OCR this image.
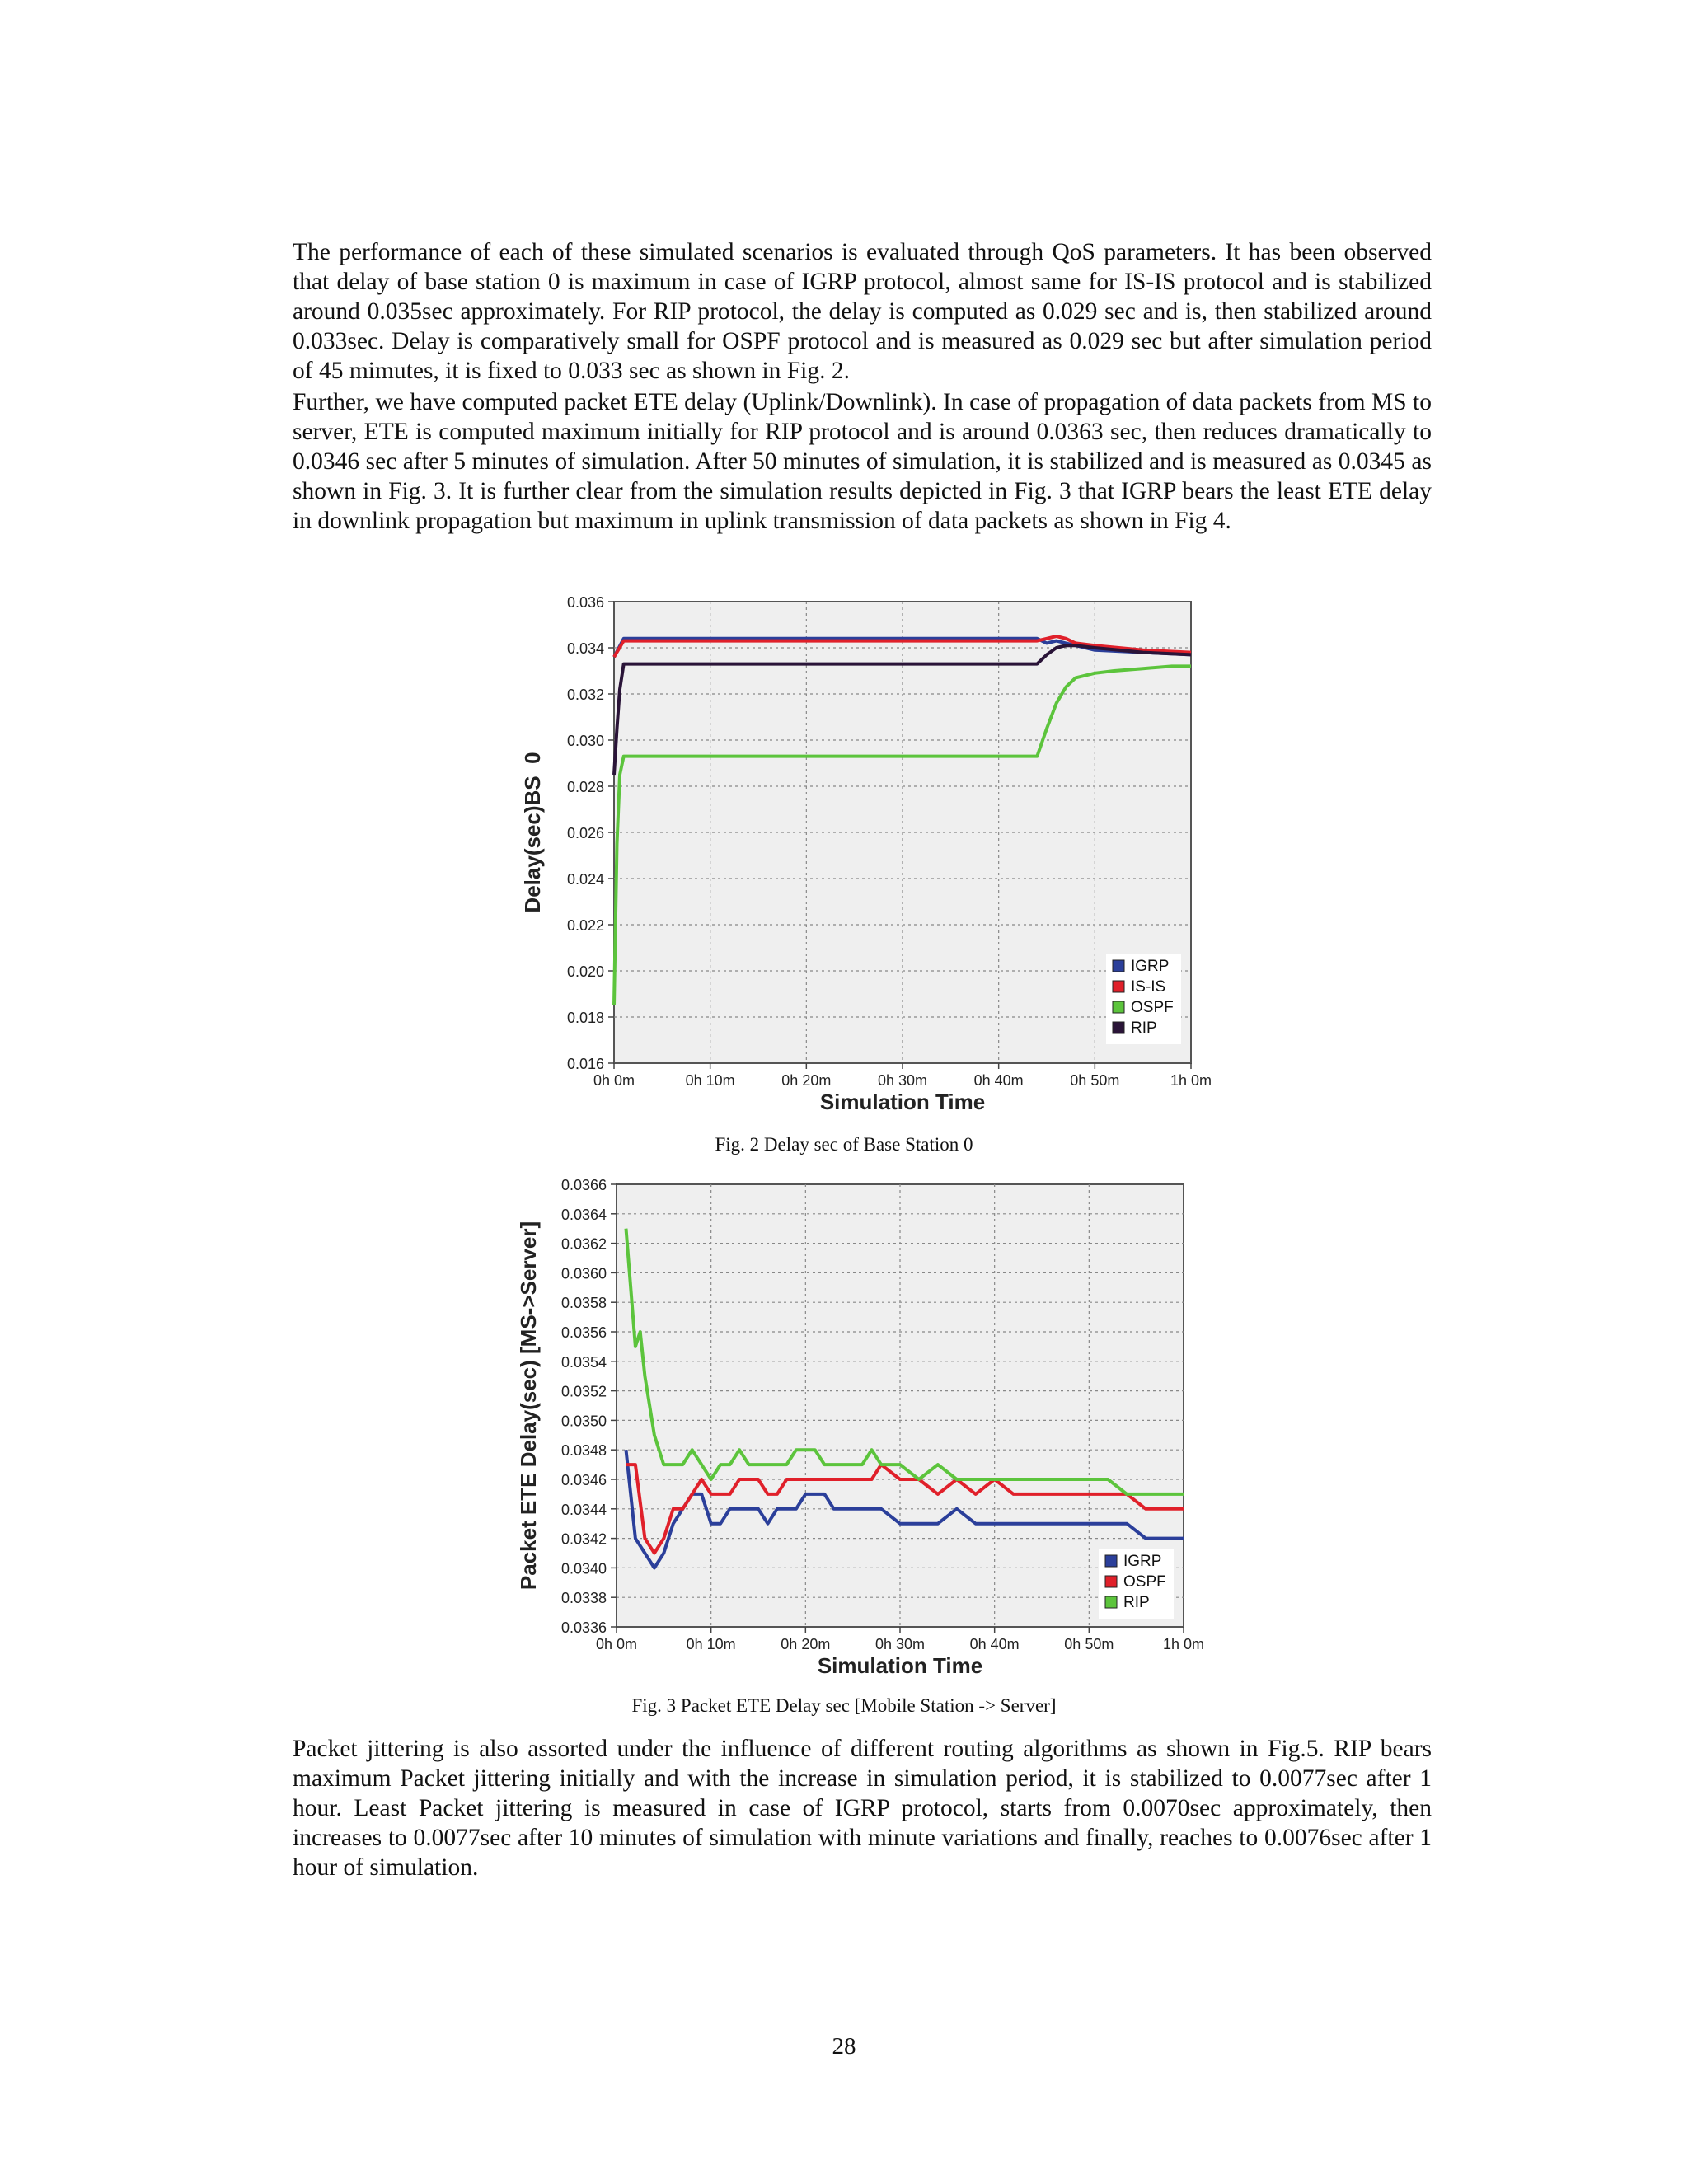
The performance of each of these simulated scenarios is evaluated through QoS parameters. It has been observed that delay of base station 0 is maximum in case of IGRP protocol, almost same for IS-IS protocol and is stabilized around 0.035sec approximately. For RIP protocol, the delay is computed as 0.029 sec and is, then stabilized around 0.033sec. Delay is comparatively small for OSPF protocol and is measured as 0.029 sec but after simulation period of 45 mimutes, it is fixed to 0.033 sec as shown in Fig. 2.

Further, we have computed packet ETE delay (Uplink/Downlink). In case of propagation of data packets from MS to server, ETE is computed maximum initially for RIP protocol and is around 0.0363 sec, then reduces dramatically to 0.0346 sec after 5 minutes of simulation. After 50 minutes of simulation, it is stabilized and is measured as 0.0345 as shown in Fig. 3. It is further clear from the simulation results depicted in Fig. 3 that IGRP bears the least ETE delay in downlink propagation but maximum in uplink transmission of data packets as shown in Fig 4.

0h 0m	0h 10m	0h 20m	0h 30m	0h 40m	0h 50m	1h 0m
0.016
0.018
0.020
0.022
0.024
0.026
0.028
0.030
0.032
0.034
0.036
IGRP
IS-IS
OSPF
RIP
Simulation Time
Delay(sec)BS_0
Fig. 2 Delay sec of Base Station 0
0h 0m	0h 10m	0h 20m	0h 30m	0h 40m	0h 50m	1h 0m
0.0336
0.0338
0.0340
0.0342
0.0344
0.0346
0.0348
0.0350
0.0352
0.0354
0.0356
0.0358
0.0360
0.0362
0.0364
0.0366
IGRP
OSPF
RIP
Simulation Time
Packet ETE Delay(sec) [MS->Server]
Fig. 3 Packet ETE Delay sec [Mobile Station -> Server]

Packet jittering is also assorted under the influence of different routing algorithms as shown in Fig.5. RIP bears maximum Packet jittering initially and with the increase in simulation period, it is stabilized to 0.0077sec after 1 hour. Least Packet jittering is measured in case of IGRP protocol, starts from 0.0070sec approximately, then increases to 0.0077sec after 10 minutes of simulation with minute variations and finally, reaches to 0.0076sec after 1 hour of simulation.

28
